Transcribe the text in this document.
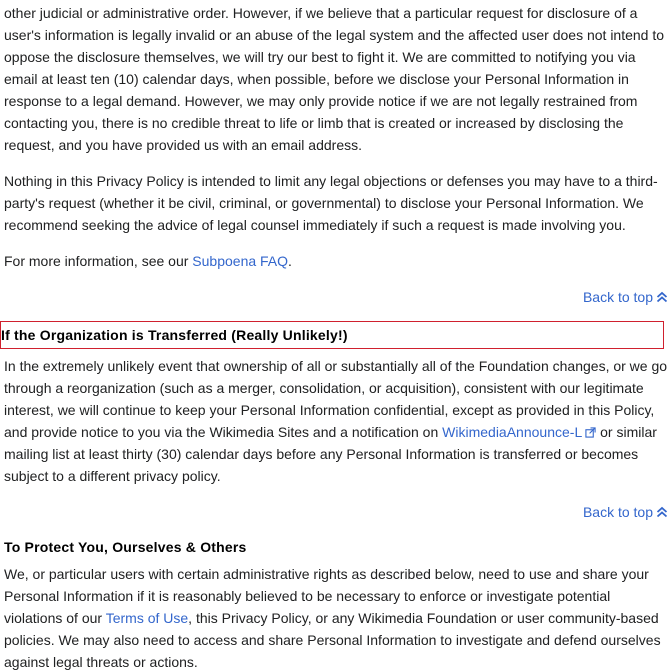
other judicial or administrative order. However, if we believe that a particular request for disclosure of a user's information is legally invalid or an abuse of the legal system and the affected user does not intend to oppose the disclosure themselves, we will try our best to fight it. We are committed to notifying you via email at least ten (10) calendar days, when possible, before we disclose your Personal Information in response to a legal demand. However, we may only provide notice if we are not legally restrained from contacting you, there is no credible threat to life or limb that is created or increased by disclosing the request, and you have provided us with an email address.

Nothing in this Privacy Policy is intended to limit any legal objections or defenses you may have to a third-party's request (whether it be civil, criminal, or governmental) to disclose your Personal Information. We recommend seeking the advice of legal counsel immediately if such a request is made involving you.

For more information, see our Subpoena FAQ.

Back to top
If the Organization is Transferred (Really Unlikely!)

In the extremely unlikely event that ownership of all or substantially all of the Foundation changes, or we go through a reorganization (such as a merger, consolidation, or acquisition), consistent with our legitimate interest, we will continue to keep your Personal Information confidential, except as provided in this Policy, and provide notice to you via the Wikimedia Sites and a notification on WikimediaAnnounce-L or similar mailing list at least thirty (30) calendar days before any Personal Information is transferred or becomes subject to a different privacy policy.

Back to top
To Protect You, Ourselves & Others

We, or particular users with certain administrative rights as described below, need to use and share your Personal Information if it is reasonably believed to be necessary to enforce or investigate potential violations of our Terms of Use, this Privacy Policy, or any Wikimedia Foundation or user community-based policies. We may also need to access and share Personal Information to investigate and defend ourselves against legal threats or actions.
